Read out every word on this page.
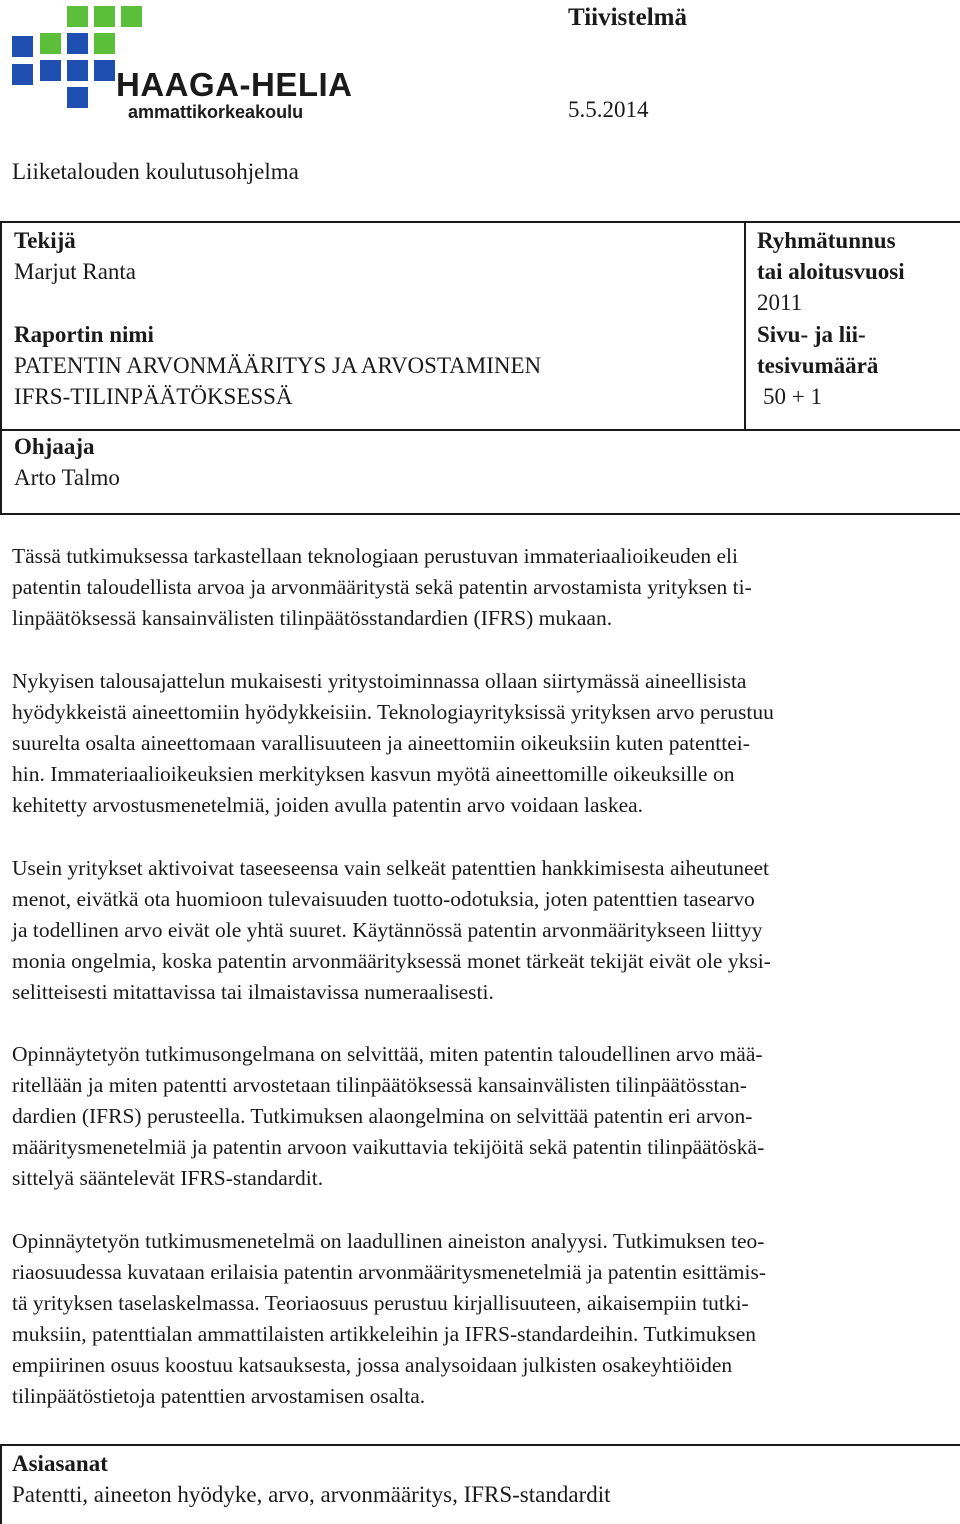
HAAGA-HELIA
ammattikorkeakoulu
Tiivistelmä
5.5.2014
Liiketalouden koulutusohjelma
Tekijä
Marjut Ranta
Raportin nimi
PATENTIN ARVONMÄÄRITYS JA ARVOSTAMINEN
IFRS-TILINPÄÄTÖKSESSÄ
Ohjaaja
Arto Talmo
Ryhmätunnus
tai aloitusvuosi
2011
Sivu- ja lii-
tesivumäärä
50 + 1
Tässä tutkimuksessa tarkastellaan teknologiaan perustuvan immateriaalioikeuden eli
patentin taloudellista arvoa ja arvonmääritystä sekä patentin arvostamista yrityksen ti-
linpäätöksessä kansainvälisten tilinpäätösstandardien (IFRS) mukaan.
Nykyisen talousajattelun mukaisesti yritystoiminnassa ollaan siirtymässä aineellisista
hyödykkeistä aineettomiin hyödykkeisiin. Teknologiayrityksissä yrityksen arvo perustuu
suurelta osalta aineettomaan varallisuuteen ja aineettomiin oikeuksiin kuten patenttei-
hin. Immateriaalioikeuksien merkityksen kasvun myötä aineettomille oikeuksille on
kehitetty arvostusmenetelmiä, joiden avulla patentin arvo voidaan laskea.
Usein yritykset aktivoivat taseeseensa vain selkeät patenttien hankkimisesta aiheutuneet
menot, eivätkä ota huomioon tulevaisuuden tuotto-odotuksia, joten patenttien tasearvo
ja todellinen arvo eivät ole yhtä suuret. Käytännössä patentin arvonmääritykseen liittyy
monia ongelmia, koska patentin arvonmäärityksessä monet tärkeät tekijät eivät ole yksi-
selitteisesti mitattavissa tai ilmaistavissa numeraalisesti.
Opinnäytetyön tutkimusongelmana on selvittää, miten patentin taloudellinen arvo mää-
ritellään ja miten patentti arvostetaan tilinpäätöksessä kansainvälisten tilinpäätösstan-
dardien (IFRS) perusteella. Tutkimuksen alaongelmina on selvittää patentin eri arvon-
määritysmenetelmiä ja patentin arvoon vaikuttavia tekijöitä sekä patentin tilinpäätöskä-
sittelyä sääntelevät IFRS-standardit.
Opinnäytetyön tutkimusmenetelmä on laadullinen aineiston analyysi. Tutkimuksen teo-
riaosuudessa kuvataan erilaisia patentin arvonmääritysmenetelmiä ja patentin esittämis-
tä yrityksen taselaskelmassa. Teoriaosuus perustuu kirjallisuuteen, aikaisempiin tutki-
muksiin, patenttialan ammattilaisten artikkeleihin ja IFRS-standardeihin. Tutkimuksen
empiirinen osuus koostuu katsauksesta, jossa analysoidaan julkisten osakeyhtiöiden
tilinpäätöstietoja patenttien arvostamisen osalta.
Asiasanat
Patentti, aineeton hyödyke, arvo, arvonmääritys, IFRS-standardit
